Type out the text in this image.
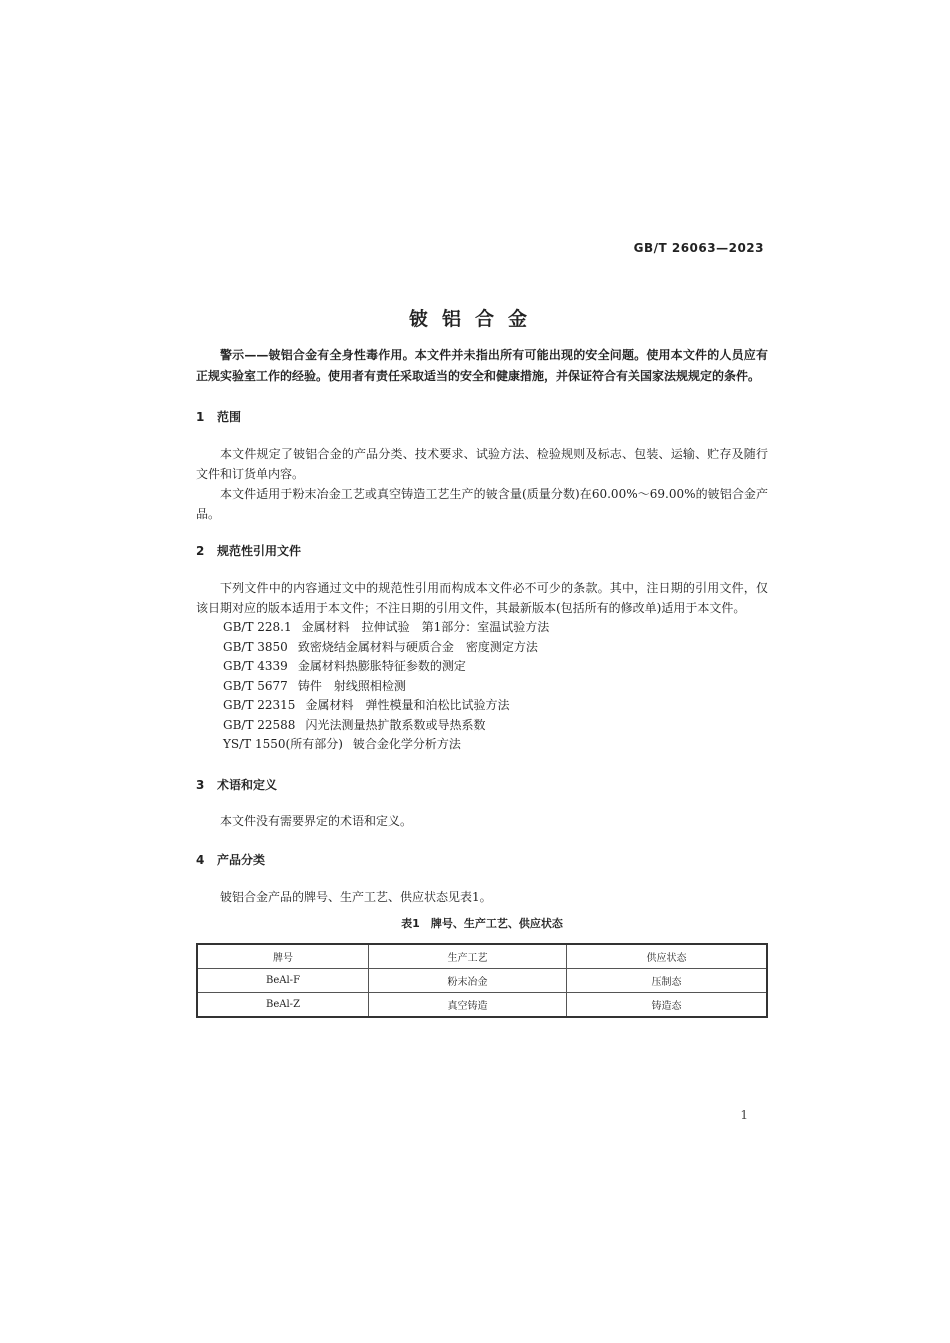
GB/T 26063—2023
铍铝合金

警示——铍铝合金有全身性毒作用。本文件并未指出所有可能出现的安全问题。使用本文件的人员应有正规实验室工作的经验。使用者有责任采取适当的安全和健康措施，并保证符合有关国家法规规定的条件。

1 范围

本文件规定了铍铝合金的产品分类、技术要求、试验方法、检验规则及标志、包装、运输、贮存及随行文件和订货单内容。

本文件适用于粉末冶金工艺或真空铸造工艺生产的铍含量(质量分数)在60.00%～69.00%的铍铝合金产品。

2 规范性引用文件

下列文件中的内容通过文中的规范性引用而构成本文件必不可少的条款。其中，注日期的引用文件，仅该日期对应的版本适用于本文件；不注日期的引用文件，其最新版本(包括所有的修改单)适用于本文件。

GB/T 228.1 金属材料　拉伸试验　第1部分：室温试验方法
GB/T 3850 致密烧结金属材料与硬质合金　密度测定方法
GB/T 4339 金属材料热膨胀特征参数的测定
GB/T 5677 铸件　射线照相检测
GB/T 22315 金属材料　弹性模量和泊松比试验方法
GB/T 22588 闪光法测量热扩散系数或导热系数
YS/T 1550(所有部分) 铍合金化学分析方法

3 术语和定义

本文件没有需要界定的术语和定义。

4 产品分类

铍铝合金产品的牌号、生产工艺、供应状态见表1。

表1　牌号、生产工艺、供应状态

牌号	生产工艺	供应状态
BeAl-F	粉末冶金	压制态
BeAl-Z	真空铸造	铸造态
1
